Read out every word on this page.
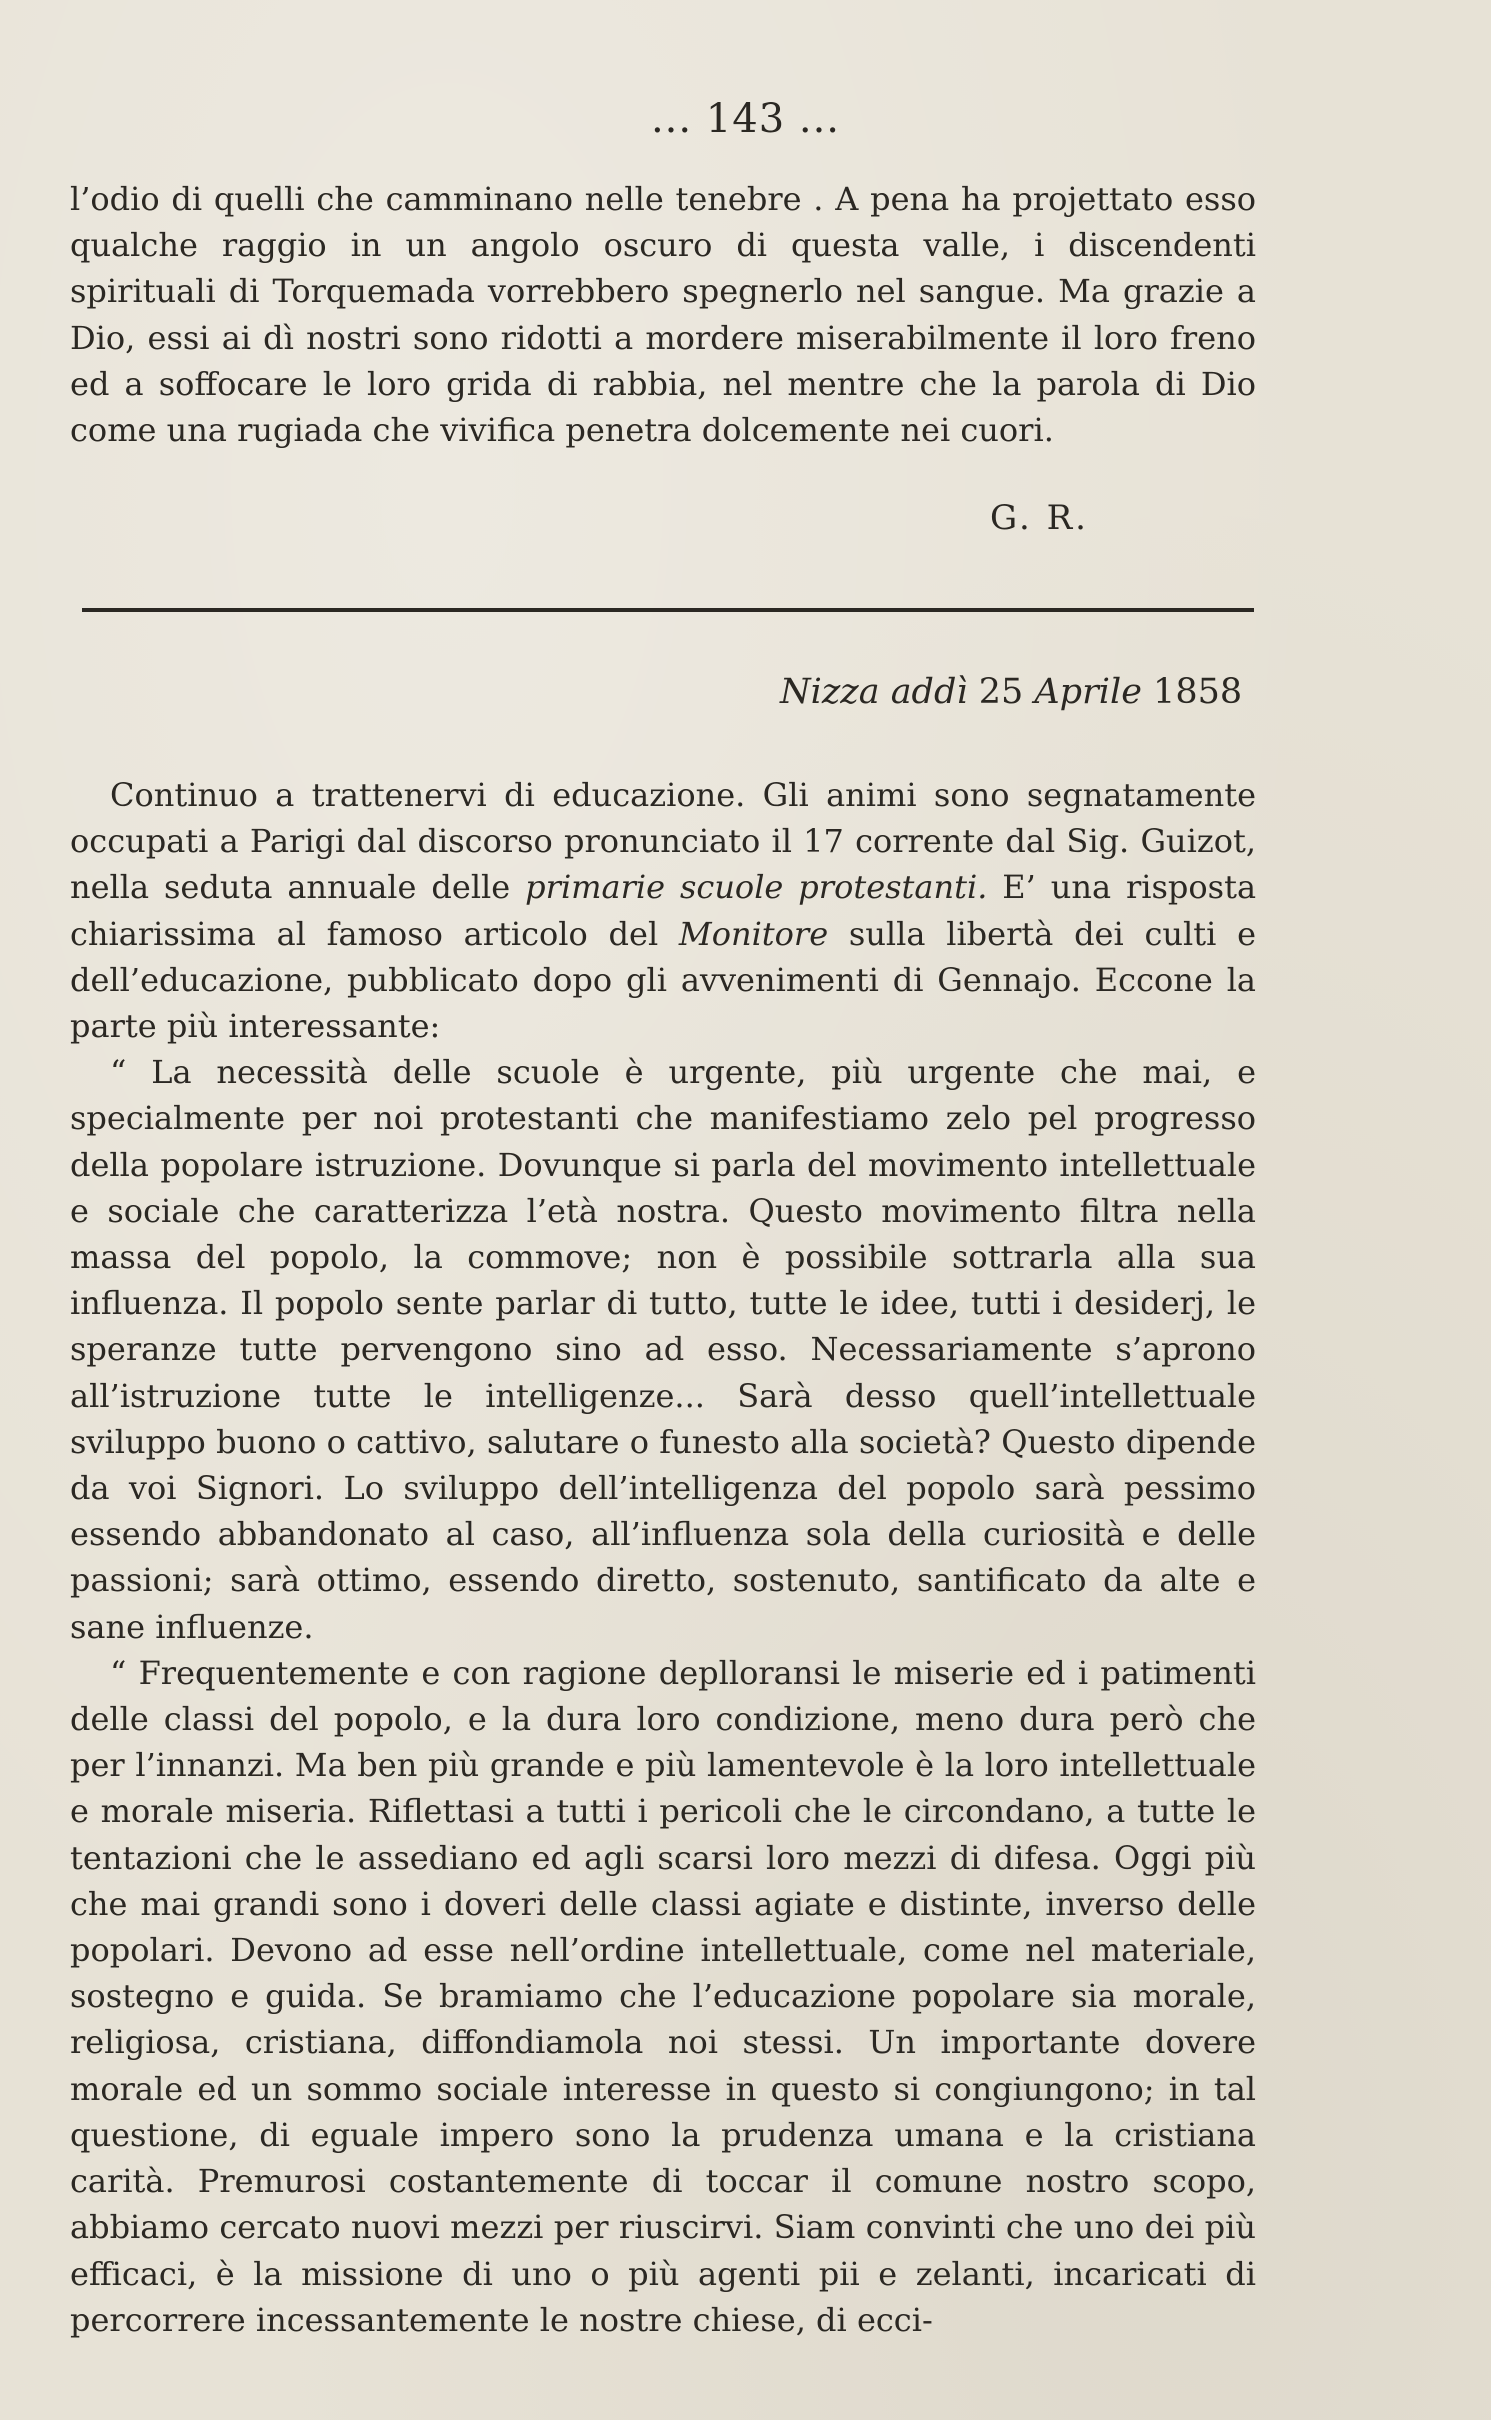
... 143 ...

l’odio di quelli che camminano nelle tenebre . A pena ha projettato esso qualche raggio in un angolo oscuro di questa valle, i discendenti spirituali di Torquemada vorrebbero spegnerlo nel sangue. Ma grazie a Dio, essi ai dì nostri sono ridotti a mordere miserabilmente il loro freno ed a soffocare le loro grida di rabbia, nel mentre che la parola di Dio come una rugiada che vivifica penetra dolcemente nei cuori.

G. R.
Nizza addì 25 Aprile 1858

Continuo a trattenervi di educazione. Gli animi sono segnatamente occupati a Parigi dal discorso pronunciato il 17 corrente dal Sig. Guizot, nella seduta annuale delle primarie scuole protestanti. E’ una risposta chiarissima al famoso articolo del Monitore sulla libertà dei culti e dell’educazione, pubblicato dopo gli avvenimenti di Gennajo. Eccone la parte più interessante:

“ La necessità delle scuole è urgente, più urgente che mai, e specialmente per noi protestanti che manifestiamo zelo pel progresso della popolare istruzione. Dovunque si parla del movimento intellettuale e sociale che caratterizza l’età nostra. Questo movimento filtra nella massa del popolo, la commove; non è possibile sottrarla alla sua influenza. Il popolo sente parlar di tutto, tutte le idee, tutti i desiderj, le speranze tutte pervengono sino ad esso. Necessariamente s’aprono all’istruzione tutte le intelligenze... Sarà desso quell’intellettuale sviluppo buono o cattivo, salutare o funesto alla società? Questo dipende da voi Signori. Lo sviluppo dell’intelligenza del popolo sarà pessimo essendo abbandonato al caso, all’influenza sola della curiosità e delle passioni; sarà ottimo, essendo diretto, sostenuto, santificato da alte e sane influenze.

“ Frequentemente e con ragione deplloransi le miserie ed i patimenti delle classi del popolo, e la dura loro condizione, meno dura però che per l’innanzi. Ma ben più grande e più lamentevole è la loro intellettuale e morale miseria. Riflettasi a tutti i pericoli che le circondano, a tutte le tentazioni che le assediano ed agli scarsi loro mezzi di difesa. Oggi più che mai grandi sono i doveri delle classi agiate e distinte, inverso delle popolari. Devono ad esse nell’ordine intellettuale, come nel materiale, sostegno e guida. Se bramiamo che l’educazione popolare sia morale, religiosa, cristiana, diffondiamola noi stessi. Un importante dovere morale ed un sommo sociale interesse in questo si congiungono; in tal questione, di eguale impero sono la prudenza umana e la cristiana carità. Premurosi costantemente di toccar il comune nostro scopo, abbiamo cercato nuovi mezzi per riuscirvi. Siam convinti che uno dei più efficaci, è la missione di uno o più agenti pii e zelanti, incaricati di percorrere incessantemente le nostre chiese, di ecci-
